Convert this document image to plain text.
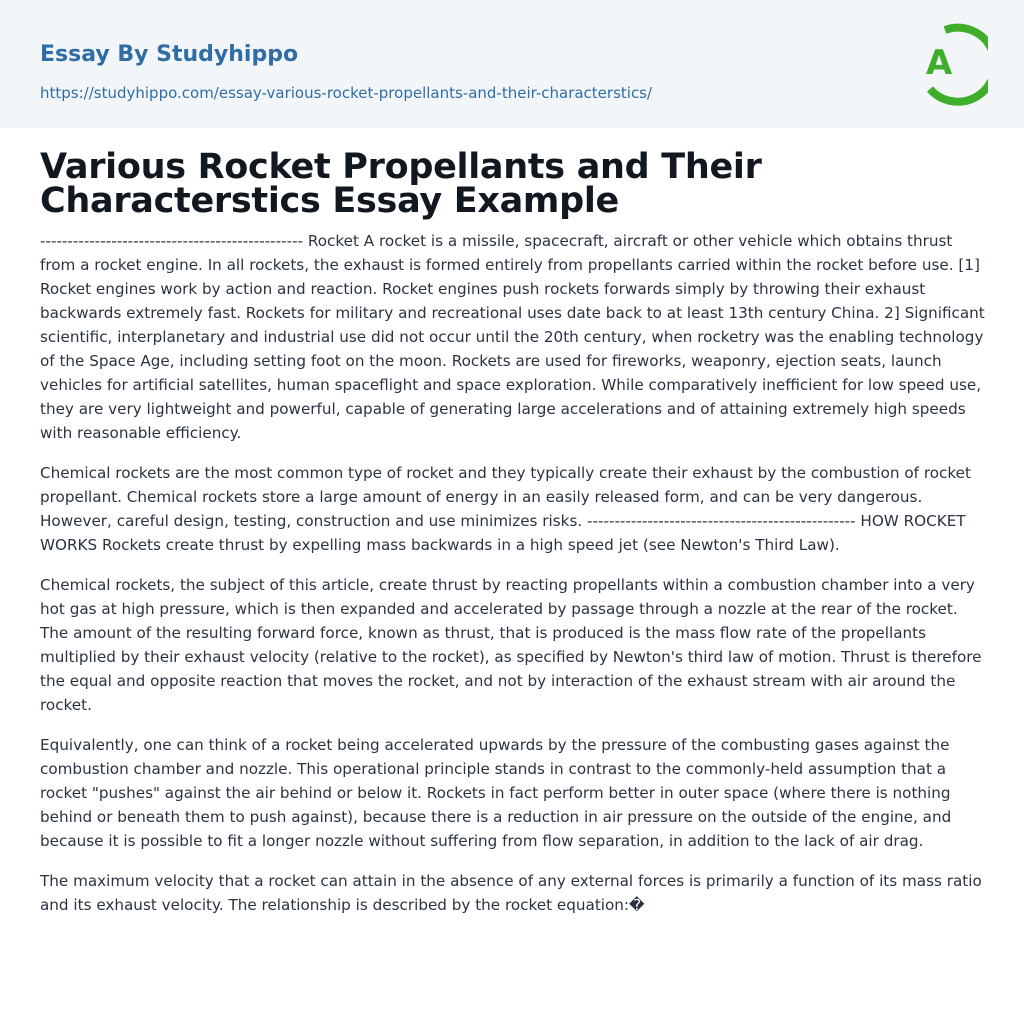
Essay By Studyhippo
https://studyhippo.com/essay-various-rocket-propellants-and-their-characterstics/
A
Various Rocket Propellants and Their Characterstics Essay Example

------------------------------------------------ Rocket A rocket is a missile, spacecraft, aircraft or other vehicle which obtains thrust from a rocket engine. In all rockets, the exhaust is formed entirely from propellants carried within the rocket before use. [1] Rocket engines work by action and reaction. Rocket engines push rockets forwards simply by throwing their exhaust backwards extremely fast. Rockets for military and recreational uses date back to at least 13th century China. 2] Significant scientific, interplanetary and industrial use did not occur until the 20th century, when rocketry was the enabling technology of the Space Age, including setting foot on the moon. Rockets are used for fireworks, weaponry, ejection seats, launch vehicles for artificial satellites, human spaceflight and space exploration. While comparatively inefficient for low speed use, they are very lightweight and powerful, capable of generating large accelerations and of attaining extremely high speeds with reasonable efficiency.

Chemical rockets are the most common type of rocket and they typically create their exhaust by the combustion of rocket propellant. Chemical rockets store a large amount of energy in an easily released form, and can be very dangerous. However, careful design, testing, construction and use minimizes risks. ------------------------------------------------- HOW ROCKET WORKS Rockets create thrust by expelling mass backwards in a high speed jet (see Newton's Third Law).

Chemical rockets, the subject of this article, create thrust by reacting propellants within a combustion chamber into a very hot gas at high pressure, which is then expanded and accelerated by passage through a nozzle at the rear of the rocket. The amount of the resulting forward force, known as thrust, that is produced is the mass flow rate of the propellants multiplied by their exhaust velocity (relative to the rocket), as specified by Newton's third law of motion. Thrust is therefore the equal and opposite reaction that moves the rocket, and not by interaction of the exhaust stream with air around the rocket.

Equivalently, one can think of a rocket being accelerated upwards by the pressure of the combusting gases against the combustion chamber and nozzle. This operational principle stands in contrast to the commonly-held assumption that a rocket "pushes" against the air behind or below it. Rockets in fact perform better in outer space (where there is nothing behind or beneath them to push against), because there is a reduction in air pressure on the outside of the engine, and because it is possible to fit a longer nozzle without suffering from flow separation, in addition to the lack of air drag.

The maximum velocity that a rocket can attain in the absence of any external forces is primarily a function of its mass ratio and its exhaust velocity. The relationship is described by the rocket equation:�
